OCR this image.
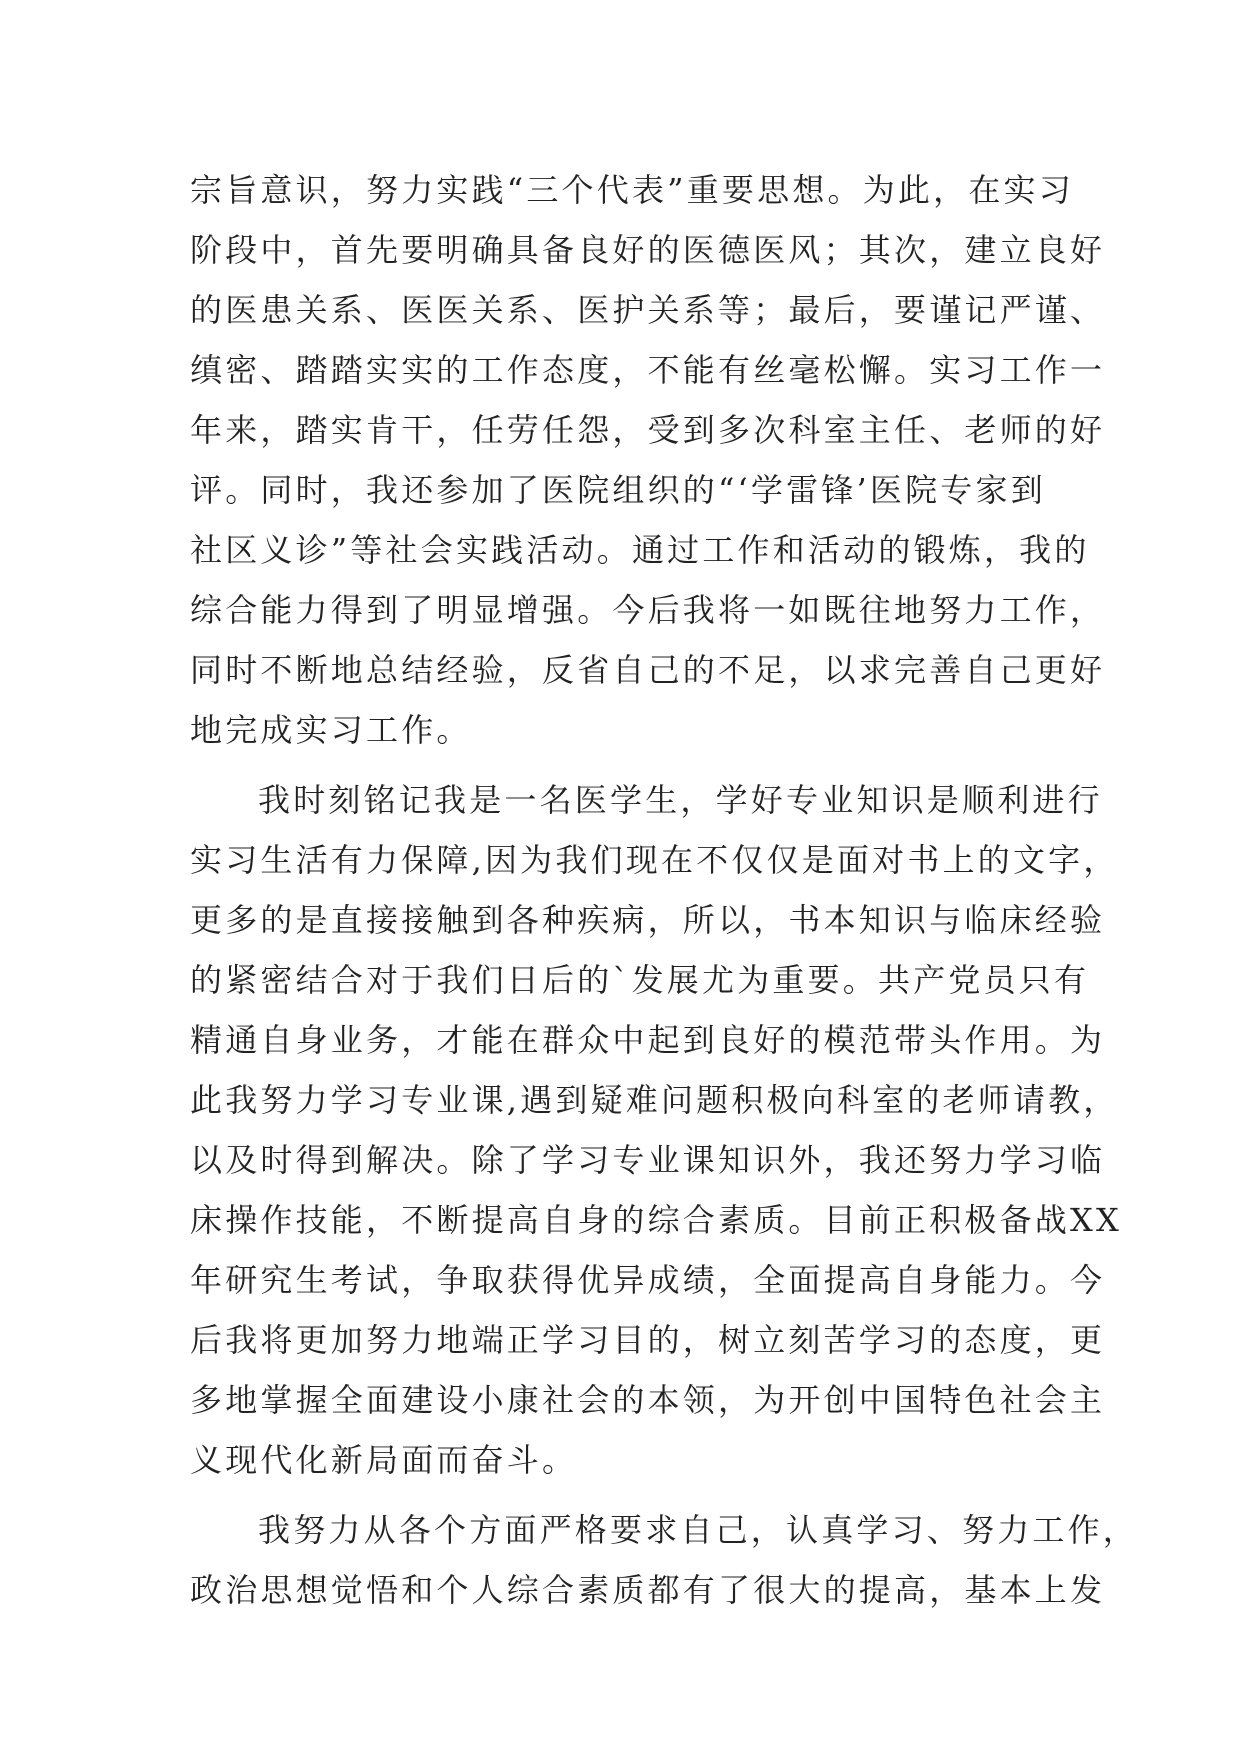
宗旨意识，努力实践“三个代表”重要思想。为此，在实习
阶段中，首先要明确具备良好的医德医风；其次，建立良好
的医患关系、医医关系、医护关系等；最后，要谨记严谨、
缜密、踏踏实实的工作态度，不能有丝毫松懈。实习工作一
年来，踏实肯干，任劳任怨，受到多次科室主任、老师的好
评。同时，我还参加了医院组织的“‘学雷锋’医院专家到
社区义诊”等社会实践活动。通过工作和活动的锻炼，我的
综合能力得到了明显增强。今后我将一如既往地努力工作，
同时不断地总结经验，反省自己的不足，以求完善自己更好
地完成实习工作。
我时刻铭记我是一名医学生，学好专业知识是顺利进行
实习生活有力保障,因为我们现在不仅仅是面对书上的文字，
更多的是直接接触到各种疾病，所以，书本知识与临床经验
的紧密结合对于我们日后的`发展尤为重要。共产党员只有
精通自身业务，才能在群众中起到良好的模范带头作用。为
此我努力学习专业课,遇到疑难问题积极向科室的老师请教，
以及时得到解决。除了学习专业课知识外，我还努力学习临
床操作技能，不断提高自身的综合素质。目前正积极备战XX
年研究生考试，争取获得优异成绩，全面提高自身能力。今
后我将更加努力地端正学习目的，树立刻苦学习的态度，更
多地掌握全面建设小康社会的本领，为开创中国特色社会主
义现代化新局面而奋斗。
我努力从各个方面严格要求自己，认真学习、努力工作，
政治思想觉悟和个人综合素质都有了很大的提高，基本上发
